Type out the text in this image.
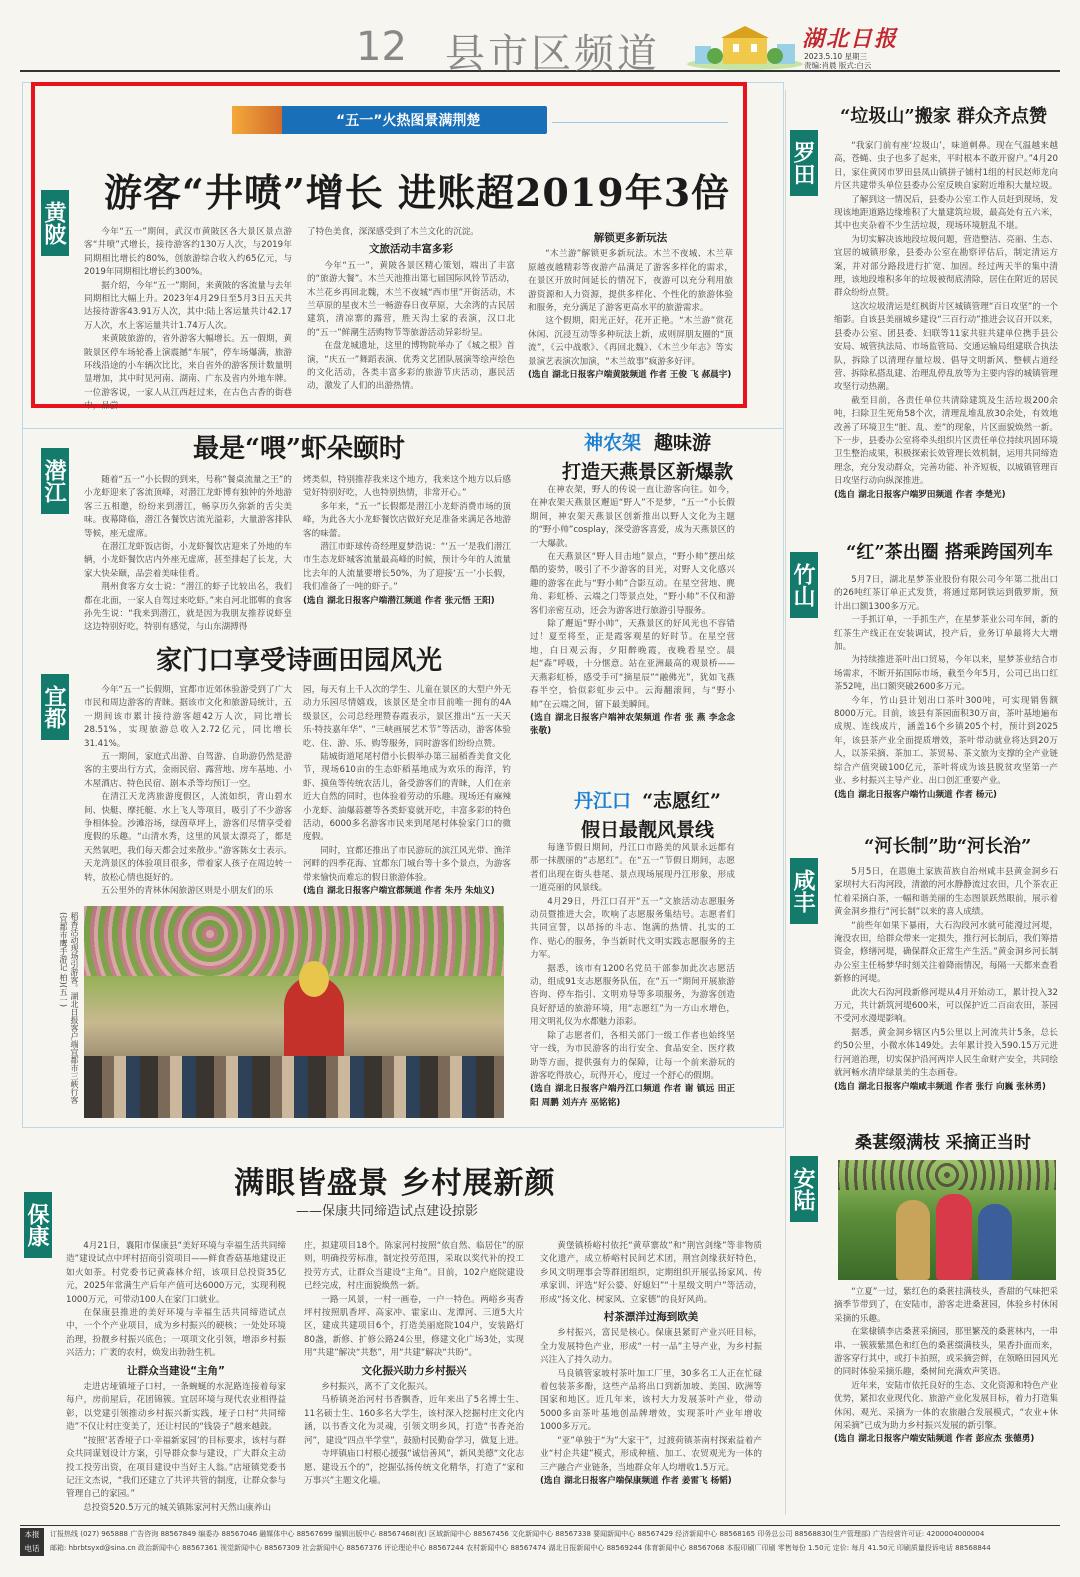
12 县市区频道	湖北日报
2023.5.10 星期三
责编:肖晨 版式:白云
“五一”火热图景满荆楚
黄陂
游客“井喷”增长 进账超2019年3倍

今年“五一”期间，武汉市黄陂区各大景区景点游客“井喷”式增长，接待游客约130万人次，与2019年同期相比增长约80%，创旅游综合收入约65亿元，与2019年同期相比增长约300%。

据介绍，今年“五一”期间，来黄陂的客流量与去年同期相比大幅上升。2023年4月29日至5月3日五天共达接待游客43.91万人次，其中:陆上客运量共计42.17万人次，水上客运量共计1.74万人次。

来黄陂旅游的，省外游客大幅增长。五一假期，黄陂景区停车场轮番上演震撼“车展”，停车场爆满，旅游环线沿途的小车辆次比比，来自省外的游客预计数量明显增加，其中时见河南、湖南、广东及省内外地车牌。一位游客说，一家人从江西赶过来，在古色古香的街巷中，品尝

了特色美食，深深感受到了木兰文化的沉淀。

文旅活动丰富多彩

今年“五一”，黄陂各景区精心策划，端出了丰富的“旅游大餐”。木兰天池推出第七届国际风铃节活动，木兰花乡再回北魏，木兰不夜城“西市里”开街活动，木兰草原的星夜木兰一畅游春日夜草原，大余湾的古民居建筑，清凉寨的露营，胜天沟土家的表演，汉口北的“五一”鲜潮生活购物节等旅游活动异彩纷呈。

在盘龙城遗址，这里的博物院举办了《城之根》首演，“庆五一”舞蹈表演、优秀文艺团队展演等绘声绘色的文化活动，各类丰富多彩的旅游节庆活动，惠民活动，激发了人们的出游热情。

解锁更多新玩法

“木兰游”解锁更多新玩法。木兰不夜城、木兰草原越夜越精彩等夜游产品满足了游客多样化的需求，在景区开放时间延长的情况下，夜游可以充分利用旅游资源和人力资源，提供多样化、个性化的旅游体验和服务，充分满足了游客更高水平的旅游需求。

这个假期，阳光正好，花开正艳。“木兰游”赏花休闲、沉浸互动等多种玩法上新，成则屏朋友圈的“顶流”，《云中战歌》、《再回北魏》、《木兰少年志》等实景演艺表演次加演，“木兰故事”疯游多好评。

(选自 湖北日报客户端黄陂频道 作者 王俊 飞 郝晨宇)

潜江
最是“喂”虾朵颐时

随着“五一”小长假的到来，号称“餐桌流量之王”的小龙虾迎来了客流顶峰，对潜江龙虾博有独钟的外地游客三五相邀，纷纷来到潜江，畅享历久弥新的舌尖美味。夜幕降临，潜江各餐饮店流光溢彩，大量游客排队等候，座无虚席。

在潜江龙虾饭店街，小龙虾餐饮店迎来了外地的车辆，小龙虾餐饮店内外座无虚席，甚至排起了长龙，大家大快朵颐，品尝着美味佳肴。

荆州食客方女士说：“潜江的虾子比较出名，我们都在北面，一家人自驾过来吃虾。”来自河北邯郸的食客孙先生说：“我来到潜江，就是因为我朋友推荐说虾皇这边特别好吃，特别有感觉，与山东湖搏得

烤类似，特别推荐我来这个地方，我来这个地方以后感觉好特别好吃，人也特别热情，非常开心。”

多年来，“五一”长假都是潜江小龙虾消费市场的顶峰，为此各大小龙虾餐饮店做好充足准备来满足各地游客的味蕾。

潜江市虾球传奇经理夏梦浩说：“‘五一’是我们潜江市生态龙虾城客流量最高峰的时候，预计今年的人流量比去年的人流量要增长50%，为了迎接‘五一’小长假，我们准备了一吨的虾子。”

(选自 湖北日报客户端潜江频道 作者 张元悟 王阳)

宜都
家门口享受诗画田园风光

今年“五一”长假期，宜都市近郊休验游受到了广大市民和周边游客的青睐。据该市文化和旅游局统计，五一期间该市累计接待游客超42万人次，同比增长28.51%，实现旅游总收入2.72亿元，同比增长31.41%。

五一期间，家庭式出游、自驾游、自助游仍然是游客的主要出行方式，金雨民宿、露营地、房车基地、小木屋酒店、特色民宿、剧本杀等均预订一空。

在清江天龙湾旅游度假区，人流如织，青山碧水间、快艇、摩托艇、水上飞人等项目，吸引了不少游客争相体验。沙滩浴场，绿茵草坪上，游客们尽情享受着度假的乐趣。“山清水秀，这里的风景太漂亮了，都是天然氧吧，我们每天都会过来散步。”游客陈女士表示。天龙湾景区的体验项目很多，带着家人孩子在周边转一转，放松心情也挺好的。

五公里外的青林休闲旅游区则是小朋友们的乐

园，每天有上千人次的学生、儿童在景区的大型户外无动力乐园尽情嬉戏，该景区是全市目前唯一拥有的4A级景区，公司总经理赞春霞表示，景区推出“五一天天乐·特技嘉年华”、“三峡画展艺术节”等活动，游客体验吃、住、游、乐、购等服务，同时游客们纷纷点赞。

陆城街道尾尾村借小长假举办第三届稻香美食文化节，现场610亩的生态虾稻基地成为欢乐的海洋，钓虾、摸鱼等传统农活儿，备受游客们的青睐，人们在亲近大自然的同时，也体验着劳动的乐趣。现场还有麻辣小龙虾、油爆蒜薹等各类虾宴就开吃，丰富多彩的特色活动，6000多名游客市民来到尾尾村体验家门口的微度假。

同时，宜都还推出了市民游玩的滨江风光带、渔洋河畔的四季花海、宜都东门城台等十多个景点，为游客带来愉快而难忘的假日旅游体验。

(选自 湖北日报客户端宜都频道 作者 朱丹 朱灿义)

稻香活动现场引游客。湖北日报客户端宜都市三峡行客(宜都市鹰手游记 柏)(五一)
神农架 趣味游
打造天燕景区新爆款

在神农架，野人的传说一直让游客向往。如今，在神农架天燕景区邂逅“野人”不是梦，“五一”小长假期间，神农架天燕景区创新推出以野人文化为主题的“野小帅”cosplay，深受游客喜爱，成为天燕景区的一大爆款。

在天燕景区“野人目击地”景点，“野小帅”摆出炫酷的姿势，吸引了不少游客的目光，对野人文化感兴趣的游客在此与“野小帅”合影互动。在星空营地、麂角、彩虹桥、云端之门等景点处，“野小帅”不仅和游客们亲密互动，还会为游客进行旅游引导服务。

除了邂逅“野小帅”，天燕景区的好风光也不容错过！夏至将至，正是霞客观星的好时节。在星空营地，白日观云海，夕阳醉晚霞，夜晚看星空。晨起“森”呼吸，十分惬意。站在亚洲最高的观景桥——天燕彩虹桥，感受手可“摘星辰”“融佛光”，犹如飞燕春半空，恰似彩虹步云中。云海翻滚间，与“野小帅”在云端之间，留下最美瞬间。

(选自 湖北日报客户端神农架频道 作者 张 燕 李念念 张敬)

丹江口 “志愿红”
假日最靓风景线

每逢节假日期间，丹江口市路美的风景永远都有那一抹靓丽的“志愿红”。在“五一”节假日期间，志愿者们出现在街头巷尾、景点现场展现丹江形象，形成一道亮丽的风景线。

4月29日，丹江口召开“五一”文旅活动志愿服务动员暨推进大会，吹响了志愿服务集结号。志愿者们共同宣誓，以昂扬的斗志、饱满的热情、扎实的工作、贴心的服务，争当新时代文明实践志愿服务的主力军。

据悉，该市有1200名党员干部参加此次志愿活动，组成91支志愿服务队伍，在“五一”期间开展旅游咨询、停车指引、文明劝导等多项服务，为游客创造良好舒适的旅游环境，用“志愿红”为一方山水增色，用文明礼仪为水都魅力添彩。

除了志愿者们，各相关部门一级工作者也始终坚守一线，为市民游客的出行安全、食品安全、医疗救助等方面，提供强有力的保障，让每一个前来游玩的游客吃得放心，玩得开心，度过一个舒心的假期。

(选自 湖北日报客户端丹江口频道 作者 谢 镇远 田正阳 周鹏 刘卉卉 巫铭铭)

保康
满眼皆盛景 乡村展新颜
——保康共同缔造试点建设掠影

4月21日，襄阳市保康县“美好环境与幸福生活共同缔造”建设试点中坪村招商引资项目——鲜食香菇基地建设正如火如荼。村党委书记黄森林介绍，该项目总投资35亿元，2025年常满生产后年产值可达6000万元，实现利税1000万元，可带动100人在家门口就业。

在保康县推进的美好环境与幸福生活共同缔造试点中，一个个产业项目，成为乡村振兴的硬核；一处处环境治理，扮靓乡村振兴底色；一项项文化引领，增添乡村振兴活力；广袤的农村，焕发出勃勃生机。

让群众当建设“主角”

走进店垭镇垭子口村，一条蜿蜒的水泥路连接着每家每户，房前屋后，花团锦簇。宜居环境与现代农业相得益彰，以党建引领推动乡村振兴新实践，垭子口村“共同缔造”不仅让村庄变美了，还让村民的“钱袋子”越来越鼓。

“按照‘茗香垭子口·幸福新家园’的目标要求，该村与群众共同谋划设计方案，引导群众参与建设，广大群众主动投工投劳出资，在项目建设中当好主人翁。”店垭镇党委书记汪文杰说，“我们还建立了共评共管的制度，让群众参与管理自己的家园。”

总投资520.5万元的城关镇陈家河村天然山康养山

庄，拟建项目18个。陈家河村按照“依自然、临居住”的原则，明确投劳标准，制定投劳范围，采取以奖代补的投工投劳方式，让群众当建设“主角”。目前，102户庭院建设已经完成，村庄面貌焕然一新。

一路一风景，一村一画卷，一户一特色。两峪乡夷香坪村按照肌香坪、高家冲、霍家山、龙潭河、三道5大片区，建成共建项目6个，打造美丽庭院104户，安装路灯80盏，新修、扩修公路24公里，修建文化广场3处，实现用“共建”解决“共愁”，用“共建”解决“共盼”。

文化振兴助力乡村振兴

乡村振兴，离不了文化振兴。

马桥镇尧治河村书香飘香，近年来出了5名博士生、11名硕士生、160多名大学生，该村深入挖掘村庄文化内涵，以书香文化为灵魂，引领文明乡风，打造“书香尧治河”，建设“四点半学堂”，鼓励村民勤奋学习，做复上进。

寺坪镇庙口村根心援强“诚信善风”，新风美德“文化志愿、建设五个的”，挖掘弘扬传统文化精华，打造了“家和万事兴”主题文化墙。

黄堡镇桥峪村依托“黄草寨故”和“荆宫剑缘”等非物质文化遗产，成立桥峪村民间艺术团，荆宫剑缘获好特色，乡风文明理事会等群团组织，定期组织开展弘扬家风、传承家训、评选“好公婆、好媳妇”“十星级文明户”等活动，形成“扬文化、树家风、立家德”的良好风尚。

村茶漂洋过海到欧美

乡村振兴，富民是核心。保康县紧盯产业兴旺目标，全力发展特色产业，形成“一村一品”主导产业，为乡村振兴注入了持久动力。

马良镇管家坡村茶叶加工厂里，30多名工人正在忙碌着包装茶多酚，这些产品将出口到新加坡、美国、欧洲等国家和地区。近几年来，该村大力发展茶叶产业，带动5000多亩茶叶基地创品牌增效，实现茶叶产业年增收1000多万元。

“亚”单独于“为”大家干”，过渡荷镇茶南村探索益着产业“村企共建”模式，形成种植、加工、农贸观光为一体的三产融合产业链条，当地群众年人均增收1.5万元。

(选自 湖北日报客户端保康频道 作者 姜雷飞 杨韬)

罗田
“垃圾山”搬家 群众齐点赞

“我家门前有座‘垃圾山’，味道刺鼻。现在气温越来越高，苍蝇、虫子也多了起来，平时根本不敢开窗户。”4月20日，家住黄冈市罗田县凤山镇拼子铺村1组的村民赵师龙向片区共建带头单位县委办公室反映自家附近堆积大量垃圾。

了解到这一情况后，县委办公室工作人员赶到现场，发现该地距道路边缘堆积了大量建筑垃圾，最高处有五六米，其中也夹杂着不少生活垃圾，现场环境脏乱不堪。

为切实解决该地段垃圾问题，营造整洁、亮丽、生态、宜居的城镇形象，县委办公室在勘察评估后，制定清运方案，并对部分路段进行扩宽、加固。经过两天半的集中清理，该地段堆积多年的垃圾被彻底清除，居住在附近的居民群众纷纷点赞。

这次垃圾清运是红枫街片区城镇管理“百日攻坚”的一个缩影。自该县美丽城乡建设“三百行动”推进会议召开以来，县委办公室、团县委、妇联等11家共驻共建单位携手县公安局、城管执法局、市场监管局、交通运输局组建联合执法队，拆除了以清理存量垃圾、倡导文明新风、整顿占道经营、拆除私搭乱建、治理乱停乱放等为主要内容的城镇管理攻坚行动热潮。

截至目前，各责任单位共清除建筑及生活垃圾200余吨，扫除卫生死角58个次，清理乱堆乱放30余处，有效地改善了环境卫生“脏、乱、差”的现象，片区面貌焕然一新。下一步，县委办公室将牵头组织片区责任单位持续巩固环境卫生整治成果，积极探索长效管理长效机制，运用共同缔造理念，充分发动群众，完善功能、补齐短板，以城镇管理百日攻坚行动向纵深推进。

(选自 湖北日报客户端罗田频道 作者 李楚光)

竹山
“红”茶出圈 搭乘跨国列车

5月7日，湖北星梦茶业股份有限公司今年第二批出口的26吨红茶订单正式发货，将通过郑阿铁运到俄罗斯，预计出口额1300多万元。

一手抓订单，一手抓生产，在星梦茶业公司车间，新的红茶生产线正在安装调试，投产后，业务订单最将大大增加。

为持续推进茶叶出口贸易，今年以来，星梦茶业结合市场需求，不断开拓国际市场，截至今年5月，公司已出口红茶52吨，出口额突破2600多万元。

今年，竹山县计划出口茶叶300吨，可实现销售额8000万元。目前，该县有茶园面积30万亩，茶叶基地遍布成规、连线成片，涵盖16个乡镇205个村，预计到2025年，该县茶产业全面提质增效，茶叶带动就业将达到20万人，以茶采摘、茶加工、茶贸易、茶文旅为支撑的全产业链综合产值突破100亿元，茶叶将成为该县脱贫攻坚第一产业、乡村振兴主导产业、出口创汇重要产业。

(选自 湖北日报客户端竹山频道 作者 杨元)

咸丰
“河长制”助“河长治”

5月5日，在恩施土家族苗族自治州咸丰县黄金洞乡石家坝村大石沟河段，清澈的河水静静流过农田，几个茶农正忙着采摘白茶，一幅和谐美丽的生态图景跃然眼前，展示着黄金洞乡推行“河长制”以来的喜人成绩。

“前些年如果下暴雨，大石沟段河水就可能漫过河堤，淹没农田，给群众带来一定损失，推行河长制后，我们筹措资金，修缮河堤，确保群众正常生产生活。”黄金洞乡河长制办公室主任杨梦华时刻关注着降雨情况，每隔一天都来查看新修的河堤。

此次大石沟河段新修河堤从4月开始动工，累计投入32万元，共计新筑河堤600米，可以保护近二百亩农田，茶园不受河水漫堤影响。

据悉，黄金洞乡辖区内5公里以上河流共计5条，总长约50公里，小微水体149处。去年累计投入590.15万元进行河道治理，切实保护沿河两岸人民生命财产安全，共同绘就河畅水清岸绿景美的生态画卷。

(选自 湖北日报客户端咸丰频道 作者 张行 向巍 张林勇)

安陆
桑葚缀满枝 采摘正当时

“立夏”一过，紫红色的桑葚挂满枝头，香甜的气味把采摘季节带到了，在安陆市，游客走进桑葚园，体验乡村休闲采摘的乐趣。

在棠棣镇李店桑葚采摘园，那里繁茂的桑葚林内，一串串、一簇簇紫黑色和红色的桑葚缀满枝头，果香扑面而来，游客穿行其中，或打卡拍照，或采摘尝鲜，在领略田园风光的同时体验采摘乐趣，桑树间充满欢声笑语。

近年来，安陆市依托良好的生态、文化资源和特色产业优势，紧扣农业现代化、旅游产业化发展目标，着力打造集休闲、观光、采摘为一体的农旅融合发展模式，“农业+休闲采摘”已成为助力乡村振兴发展的新引擎。

(选自 湖北日报客户端安陆频道 作者 彭应杰 张德勇)

本报
电话
订报热线 (027) 965888 广告咨询 88567849 编委办 88567046 融媒体中心 88567699 编辑出版中心 88567468(夜) 区域新闻中心 88567456 文化新闻中心 88567338 要闻新闻中心 88567429 经济新闻中心 88568165 印务总公司 88568830(生产管理部) 广告经营许可证: 4200004000004
邮箱: hbrbtsyxd@sina.cn 政治新闻中心 88567361 视觉新闻中心 88567309 社会新闻中心 88567376 评论理论中心 88567244 农村新闻中心 88567474 湖北日报新闻中心 88569244 体育新闻中心 88567068 本报印刷厂印刷 零售每份 1.50元 定价: 每月 41.50元 印刷质量投诉电话 88568844
